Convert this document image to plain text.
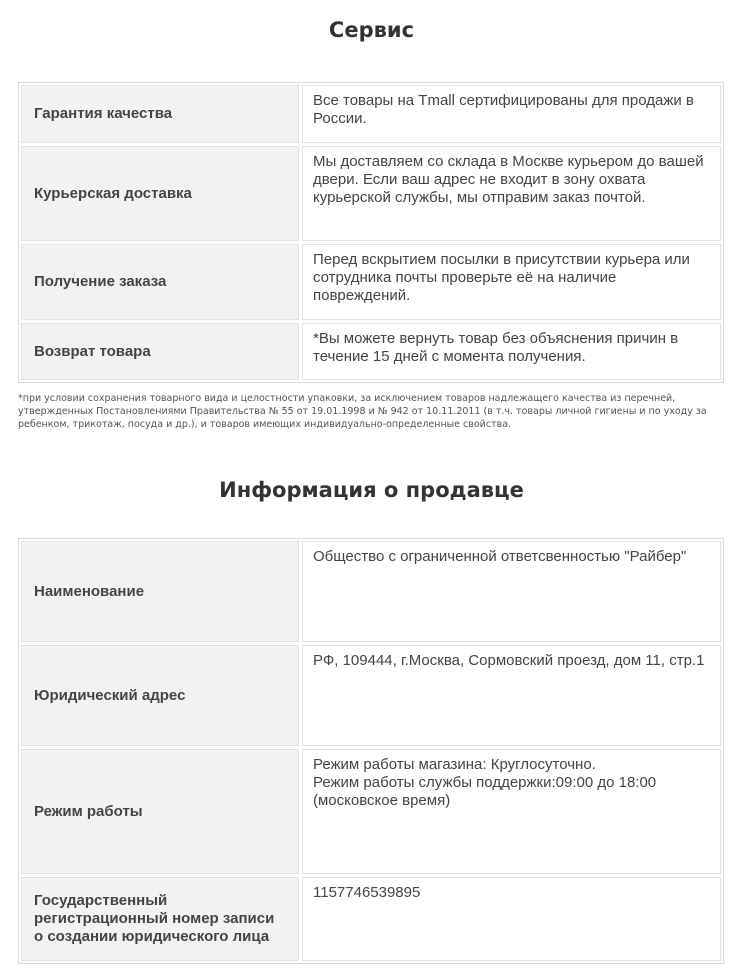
Сервис
Гарантия качества
Все товары на Tmall сертифицированы для продажи в России.
Курьерская доставка
Мы доставляем со склада в Москве курьером до вашей двери. Если ваш адрес не входит в зону охвата курьерской службы, мы отправим заказ почтой.
Получение заказа
Перед вскрытием посылки в присутствии курьера или сотрудника почты проверьте её на наличие повреждений.
Возврат товара
*Вы можете вернуть товар без объяснения причин в течение 15 дней с момента получения.
*при условии сохранения товарного вида и целостности упаковки, за исключением товаров надлежащего качества из перечней, утвержденных Постановлениями Правительства № 55 от 19.01.1998 и № 942 от 10.11.2011 (в т.ч. товары личной гигиены и по уходу за ребенком, трикотаж, посуда и др.), и товаров имеющих индивидуально-определенные свойства.
Информация о продавце
Наименование
Общество с ограниченной ответсвенностью "Райбер"
Юридический адрес
РФ, 109444, г.Москва, Сормовский проезд, дом 11, стр.1
Режим работы
Режим работы магазина: Круглосуточно.
Режим работы службы поддержки:09:00 до 18:00 (московское время)
Государственный регистрационный номер записи о создании юридического лица
1157746539895
